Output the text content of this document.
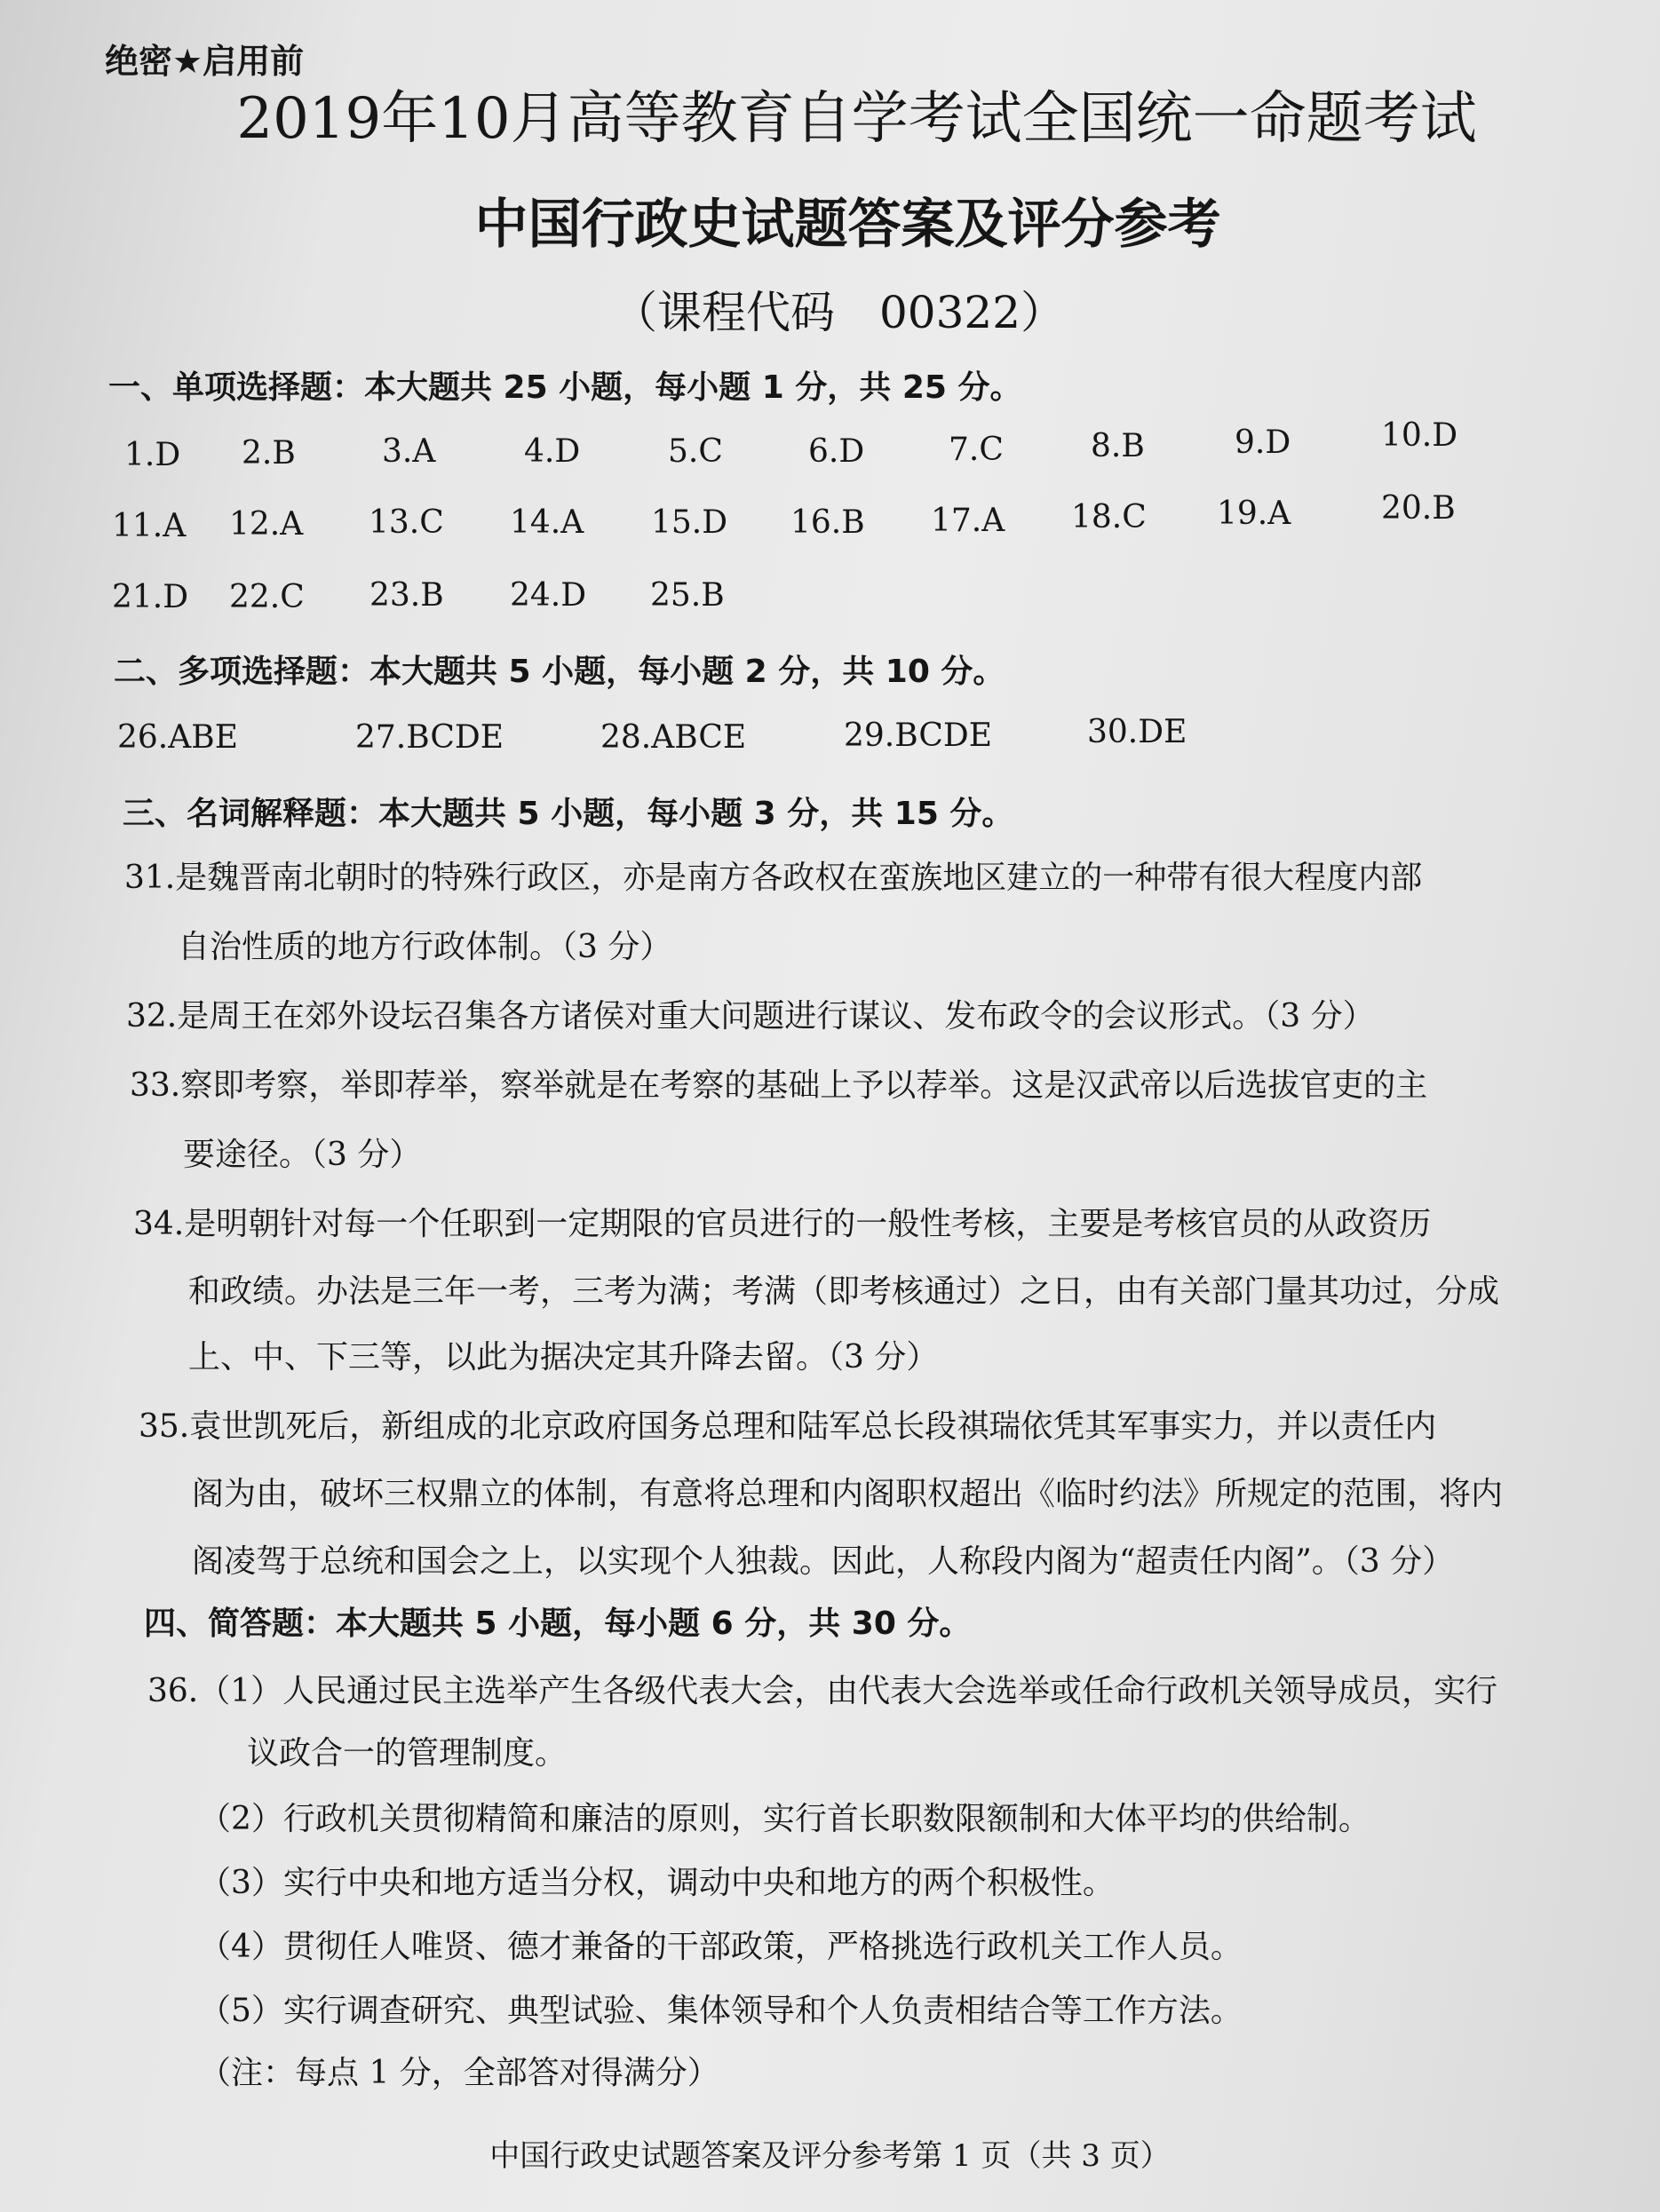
绝密★启用前
2019年10月高等教育自学考试全国统一命题考试
中国行政史试题答案及评分参考
（课程代码　00322）
一、单项选择题：本大题共 25 小题，每小题 1 分，共 25 分。
1.D 2.B	3.A	4.D	5.C	6.D	7.C	8.B	9.D	10.D
11.A 12.A 13.C 14.A 15.D 16.B 17.A 18.C 19.A	20.B
21.D 22.C 23.B 24.D 25.B
二、多项选择题：本大题共 5 小题，每小题 2 分，共 10 分。
26.ABE	27.BCDE	28.ABCE	29.BCDE	30.DE
三、名词解释题：本大题共 5 小题，每小题 3 分，共 15 分。
31.是魏晋南北朝时的特殊行政区，亦是南方各政权在蛮族地区建立的一种带有很大程度内部
自治性质的地方行政体制。（3 分）
32.是周王在郊外设坛召集各方诸侯对重大问题进行谋议、发布政令的会议形式。（3 分）
33.察即考察，举即荐举，察举就是在考察的基础上予以荐举。这是汉武帝以后选拔官吏的主
要途径。（3 分）
34.是明朝针对每一个任职到一定期限的官员进行的一般性考核，主要是考核官员的从政资历
和政绩。办法是三年一考，三考为满；考满（即考核通过）之日，由有关部门量其功过，分成
上、中、下三等，以此为据决定其升降去留。（3 分）
35.袁世凯死后，新组成的北京政府国务总理和陆军总长段祺瑞依凭其军事实力，并以责任内
阁为由，破坏三权鼎立的体制，有意将总理和内阁职权超出《临时约法》所规定的范围，将内
阁凌驾于总统和国会之上，以实现个人独裁。因此，人称段内阁为“超责任内阁”。（3 分）
四、简答题：本大题共 5 小题，每小题 6 分，共 30 分。
36.（1）人民通过民主选举产生各级代表大会，由代表大会选举或任命行政机关领导成员，实行
议政合一的管理制度。
（2）行政机关贯彻精简和廉洁的原则，实行首长职数限额制和大体平均的供给制。
（3）实行中央和地方适当分权，调动中央和地方的两个积极性。
（4）贯彻任人唯贤、德才兼备的干部政策，严格挑选行政机关工作人员。
（5）实行调查研究、典型试验、集体领导和个人负责相结合等工作方法。
（注：每点 1 分，全部答对得满分）
中国行政史试题答案及评分参考第 1 页（共 3 页）
